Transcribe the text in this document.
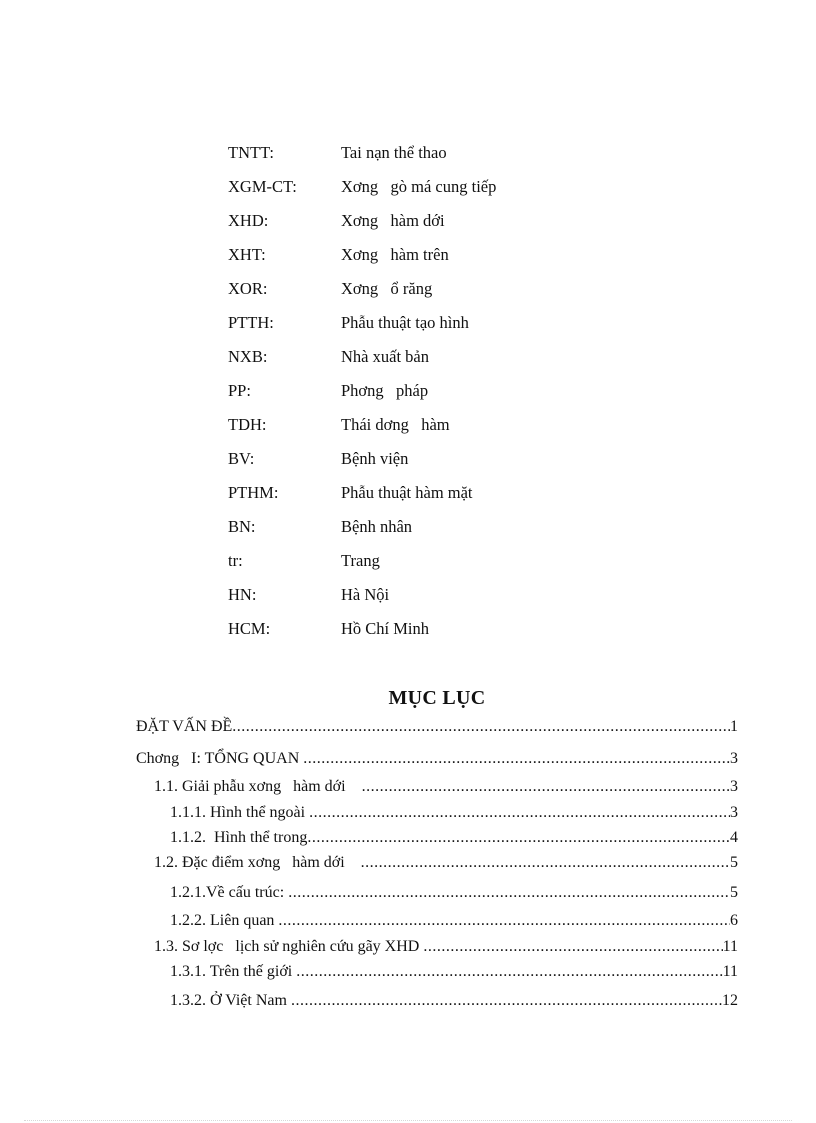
TNTT:	Tai nạn thể thao
XGM-CT:	Xơng   gò má cung tiếp
XHD:	Xơng   hàm dới
XHT:	Xơng   hàm trên
XOR:	Xơng   ổ răng
PTTH:	Phẫu thuật tạo hình
NXB:	Nhà xuất bản
PP:	Phơng   pháp
TDH:	Thái dơng   hàm
BV:	Bệnh viện
PTHM:	Phẫu thuật hàm mặt
BN:	Bệnh nhân
tr:	Trang
HN:	Hà Nội
HCM:	Hồ Chí Minh
MỤC LỤC
ĐẶT VẤN ĐỀ .....	1
Chơng   I: TỔNG QUAN .....	3
1.1. Giải phẫu xơng   hàm dới .....	3
1.1.1. Hình thể ngoài .....	3
1.1.2.  Hình thể trong .....	4
1.2. Đặc điểm xơng   hàm dới .....	5
1.2.1.Về cấu trúc: .....	5
1.2.2. Liên quan .....	6
1.3. Sơ lợc   lịch sử nghiên cứu gãy XHD .....	11
1.3.1. Trên thế giới .....	11
1.3.2. Ở Việt Nam .....	12
